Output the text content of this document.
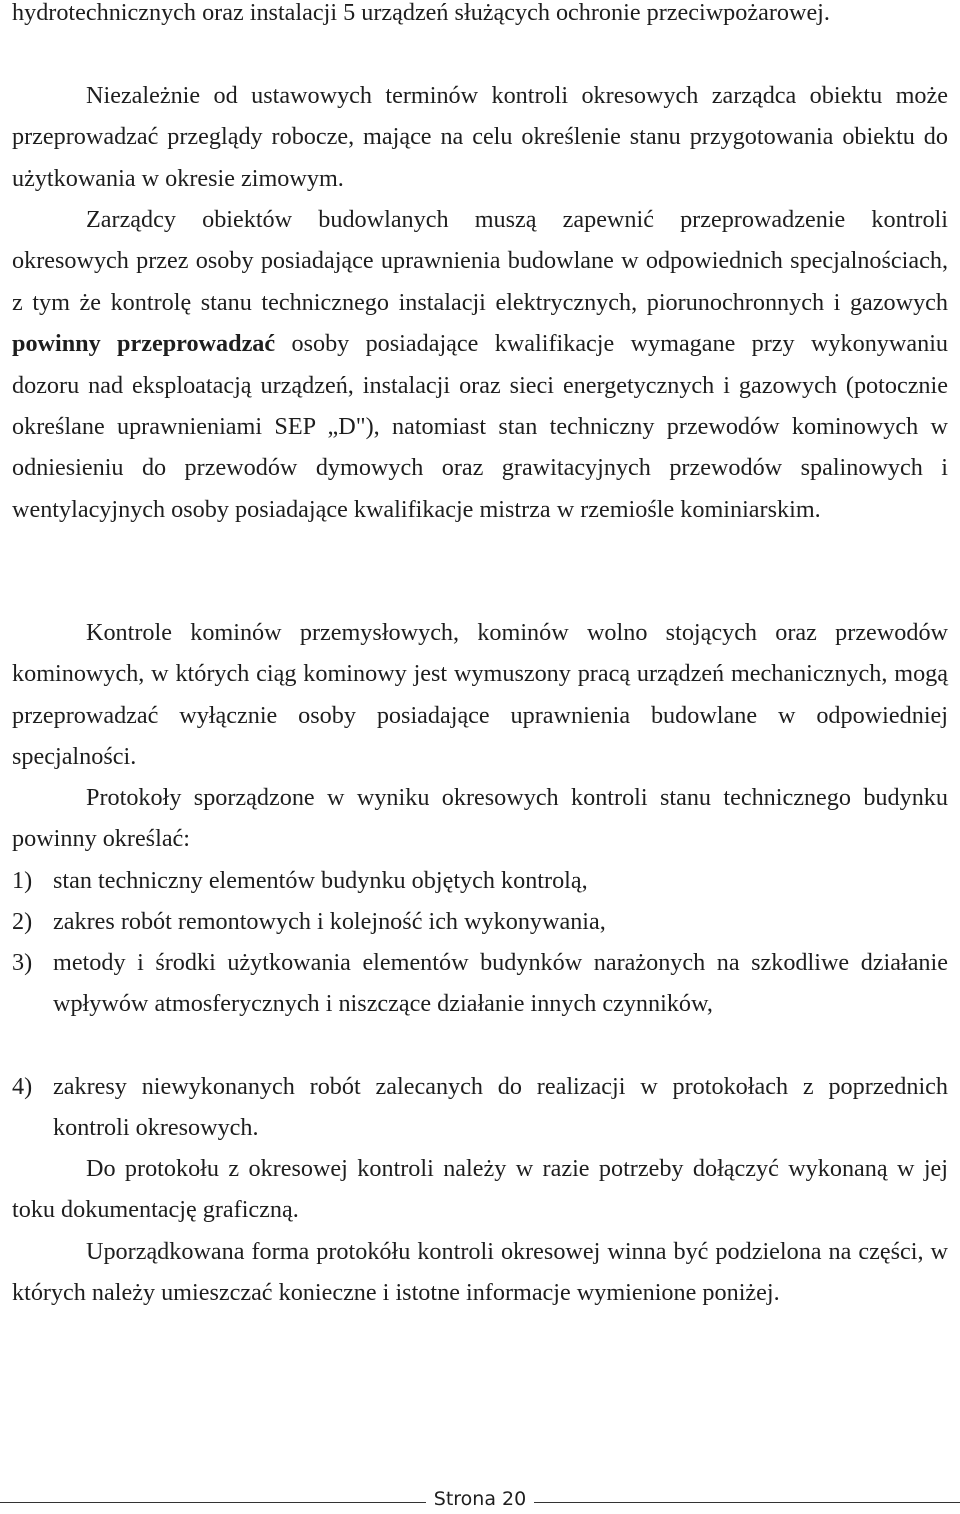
hydrotechnicznych oraz instalacji 5 urządzeń służących ochronie przeciwpożarowej.

Niezależnie od ustawowych terminów kontroli okresowych zarządca obiektu może przeprowadzać przeglądy robocze, mające na celu określenie stanu przygotowania obiektu do użytkowania w okresie zimowym.

Zarządcy obiektów budowlanych muszą zapewnić przeprowadzenie kontroli okresowych przez osoby posiadające uprawnienia budowlane w odpowiednich specjalnościach, z tym że kontrolę stanu technicznego instalacji elektrycznych, piorunochronnych i gazowych powinny przeprowadzać osoby posiadające kwalifikacje wymagane przy wykonywaniu dozoru nad eksploatacją urządzeń, instalacji oraz sieci energetycznych i gazowych (potocznie określane uprawnieniami SEP „D"), natomiast stan techniczny przewodów kominowych w odniesieniu do przewodów dymowych oraz grawitacyjnych przewodów spalinowych i wentylacyjnych osoby posiadające kwalifikacje mistrza w rzemiośle kominiarskim.

Kontrole kominów przemysłowych, kominów wolno stojących oraz przewodów kominowych, w których ciąg kominowy jest wymuszony pracą urządzeń mechanicznych, mogą przeprowadzać wyłącznie osoby posiadające uprawnienia budowlane w odpowiedniej specjalności.

Protokoły sporządzone w wyniku okresowych kontroli stanu technicznego budynku powinny określać:

1) stan techniczny elementów budynku objętych kontrolą,
2) zakres robót remontowych i kolejność ich wykonywania,
3) metody i środki użytkowania elementów budynków narażonych na szkodliwe działanie wpływów atmosferycznych i niszczące działanie innych czynników,
4) zakresy niewykonanych robót zalecanych do realizacji w protokołach z poprzednich kontroli okresowych.

Do protokołu z okresowej kontroli należy w razie potrzeby dołączyć wykonaną w jej toku dokumentację graficzną.

Uporządkowana forma protokółu kontroli okresowej winna być podzielona na części, w których należy umieszczać konieczne i istotne informacje wymienione poniżej.

Strona 20
